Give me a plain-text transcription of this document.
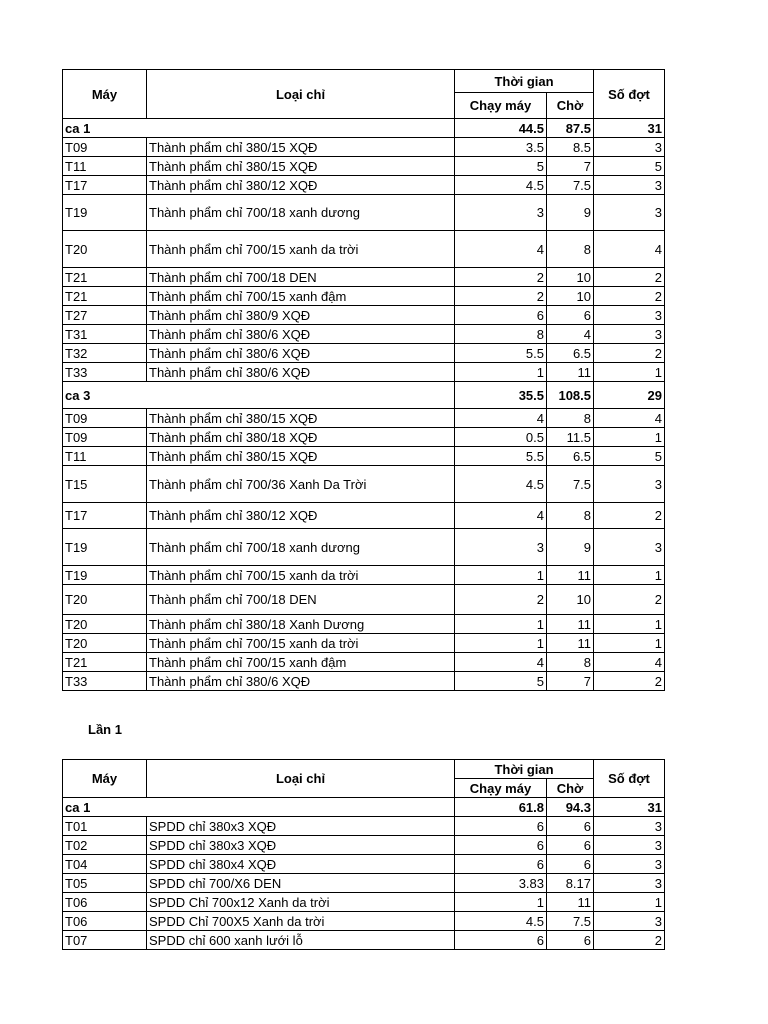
Máy	Loại chỉ	Thời gian		Số đợt
		Chạy máy	Chờ	
ca 1		44.5	87.5	31
T09	Thành phẩm chỉ 380/15 XQĐ	3.5	8.5	3
T11	Thành phẩm chỉ 380/15 XQĐ	5	7	5
T17	Thành phẩm chỉ 380/12 XQĐ	4.5	7.5	3
T19	Thành phẩm chỉ 700/18 xanh dương	3	9	3
T20	Thành phẩm chỉ 700/15 xanh da trời	4	8	4
T21	Thành phẩm chỉ 700/18 DEN	2	10	2
T21	Thành phẩm chỉ 700/15 xanh đậm	2	10	2
T27	Thành phẩm chỉ 380/9 XQĐ	6	6	3
T31	Thành phẩm chỉ 380/6 XQĐ	8	4	3
T32	Thành phẩm chỉ 380/6 XQĐ	5.5	6.5	2
T33	Thành phẩm chỉ 380/6 XQĐ	1	11	1
ca 3		35.5	108.5	29
T09	Thành phẩm chỉ 380/15 XQĐ	4	8	4
T09	Thành phẩm chỉ 380/18 XQĐ	0.5	11.5	1
T11	Thành phẩm chỉ 380/15 XQĐ	5.5	6.5	5
T15	Thành phẩm chỉ 700/36 Xanh Da Trời	4.5	7.5	3
T17	Thành phẩm chỉ 380/12 XQĐ	4	8	2
T19	Thành phẩm chỉ 700/18 xanh dương	3	9	3
T19	Thành phẩm chỉ 700/15 xanh da trời	1	11	1
T20	Thành phẩm chỉ 700/18 DEN	2	10	2
T20	Thành phẩm chỉ 380/18 Xanh Dương	1	11	1
T20	Thành phẩm chỉ 700/15 xanh da trời	1	11	1
T21	Thành phẩm chỉ 700/15 xanh đậm	4	8	4
T33	Thành phẩm chỉ 380/6 XQĐ	5	7	2
Lần 1
Máy	Loại chỉ	Thời gian		Số đợt
		Chạy máy	Chờ	
ca 1		61.8	94.3	31
T01	SPDD chỉ 380x3 XQĐ	6	6	3
T02	SPDD chỉ 380x3 XQĐ	6	6	3
T04	SPDD chỉ 380x4 XQĐ	6	6	3
T05	SPDD chỉ 700/X6 DEN	3.83	8.17	3
T06	SPDD Chỉ 700x12 Xanh da trời	1	11	1
T06	SPDD Chỉ 700X5 Xanh da trời	4.5	7.5	3
T07	SPDD chỉ 600 xanh lưới lỗ	6	6	2
